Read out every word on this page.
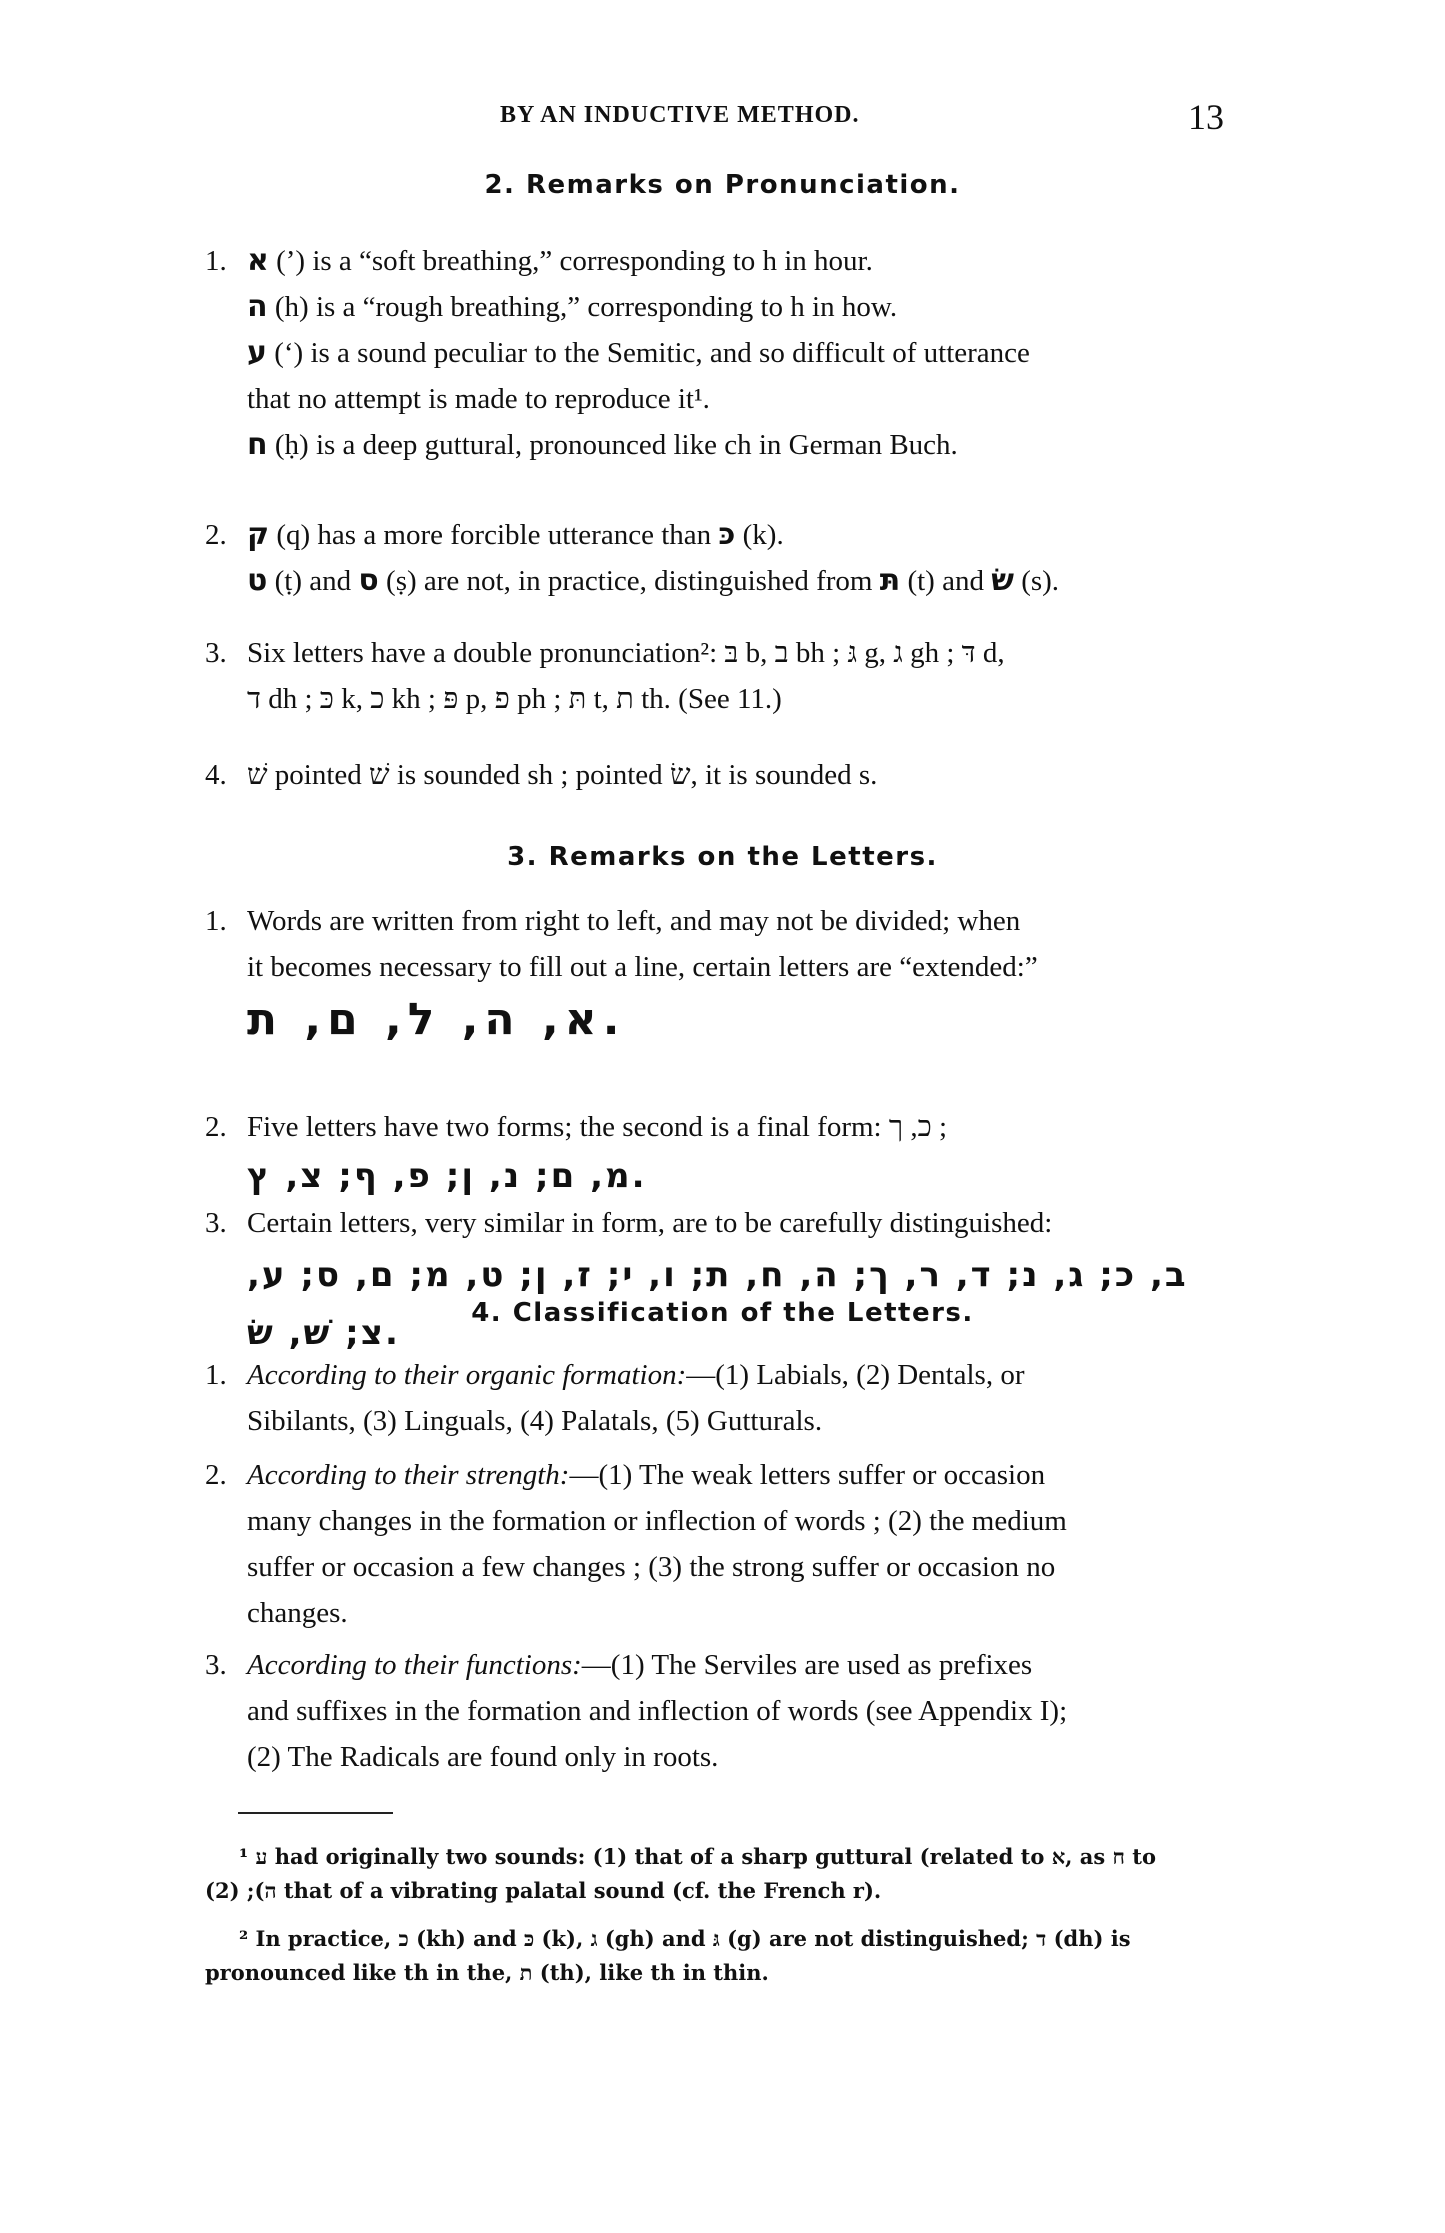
BY AN INDUCTIVE METHOD.	13
2. Remarks on Pronunciation.
1. א (ʼ) is a “soft breathing,” corresponding to h in hour.
ה (h) is a “rough breathing,” corresponding to h in how.
ע (ʻ) is a sound peculiar to the Semitic, and so difficult of utterance
that no attempt is made to reproduce it¹.
ח (ḥ) is a deep guttural, pronounced like ch in German Buch.
2. ק (q) has a more forcible utterance than כּ (k).
ט (ṭ) and ס (ṣ) are not, in practice, distinguished from תּ (t) and שׂ (s).
3. Six letters have a double pronunciation²: בּ b, ב bh ; גּ g, ג gh ; דּ d,
ד dh ; כּ k, כ kh ; פּ p, פ ph ; תּ t, ת th. (See 11.)
4. שׁ pointed שׁ is sounded sh ; pointed שׂ, it is sounded s.
3. Remarks on the Letters.
1. Words are written from right to left, and may not be divided; when
it becomes necessary to fill out a line, certain letters are “extended:”
א, ה, ל, ם, ת.
2. Five letters have two forms; the second is a final form: כ, ך ;
מ, ם; נ, ן; פ, ף; צ, ץ.
3. Certain letters, very similar in form, are to be carefully distinguished:
ב, כ; ג, נ; ד, ר, ך; ה, ח, ת; ו, י; ז, ן; ט, מ; ם, ס; ע, צ; שׁ, שׂ.	4. Classification of the Letters.
1. According to their organic formation:—(1) Labials, (2) Dentals, or
Sibilants, (3) Linguals, (4) Palatals, (5) Gutturals.
2. According to their strength:—(1) The weak letters suffer or occasion
many changes in the formation or inflection of words ; (2) the medium
suffer or occasion a few changes ; (3) the strong suffer or occasion no
changes.
3. According to their functions:—(1) The Serviles are used as prefixes
and suffixes in the formation and inflection of words (see Appendix I);
(2) The Radicals are found only in roots.
¹ ע had originally two sounds: (1) that of a sharp guttural (related to א, as ח to
ה); (2) that of a vibrating palatal sound (cf. the French r).
² In practice, כ (kh) and כּ (k), ג (gh) and גּ (g) are not distinguished; ד (dh) is
pronounced like th in the, ת (th), like th in thin.
